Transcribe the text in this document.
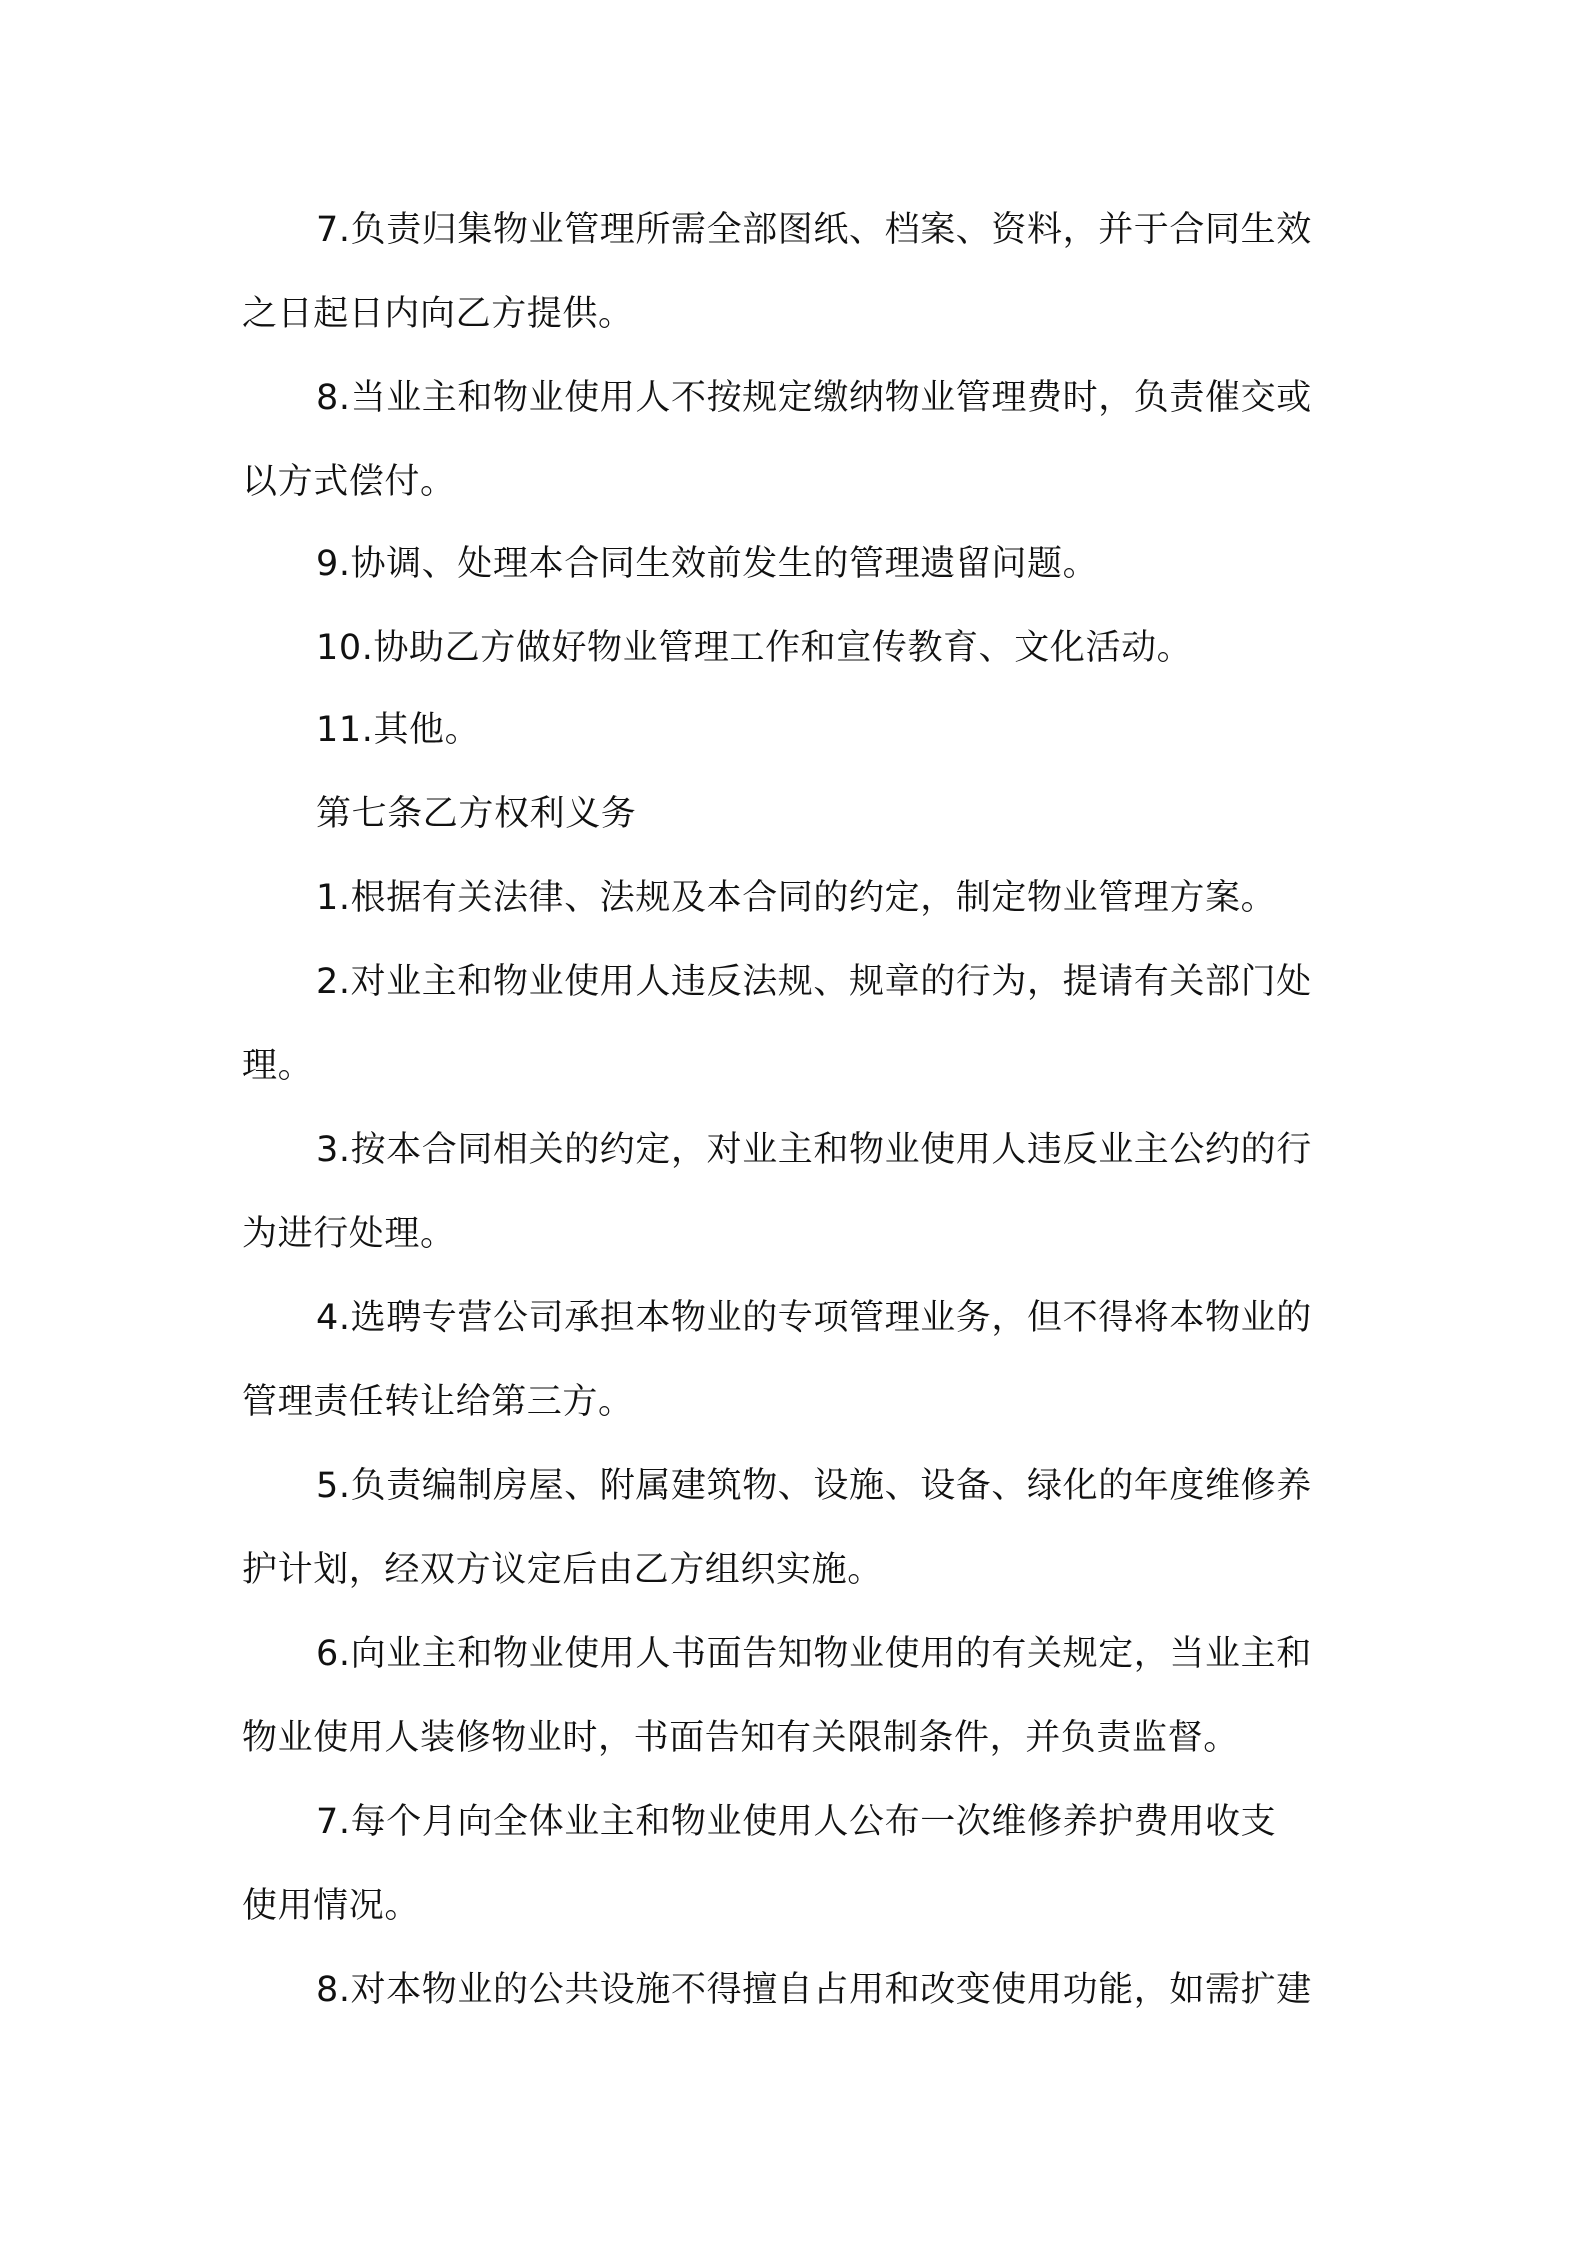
7.负责归集物业管理所需全部图纸、档案、资料，并于合同生效
之日起日内向乙方提供。
8.当业主和物业使用人不按规定缴纳物业管理费时，负责催交或
以方式偿付。
9.协调、处理本合同生效前发生的管理遗留问题。
10.协助乙方做好物业管理工作和宣传教育、文化活动。
11.其他。
第七条乙方权利义务
1.根据有关法律、法规及本合同的约定，制定物业管理方案。
2.对业主和物业使用人违反法规、规章的行为，提请有关部门处
理。
3.按本合同相关的约定，对业主和物业使用人违反业主公约的行
为进行处理。
4.选聘专营公司承担本物业的专项管理业务，但不得将本物业的
管理责任转让给第三方。
5.负责编制房屋、附属建筑物、设施、设备、绿化的年度维修养
护计划，经双方议定后由乙方组织实施。
6.向业主和物业使用人书面告知物业使用的有关规定，当业主和
物业使用人装修物业时，书面告知有关限制条件，并负责监督。
7.每个月向全体业主和物业使用人公布一次维修养护费用收支
使用情况。
8.对本物业的公共设施不得擅自占用和改变使用功能，如需扩建
